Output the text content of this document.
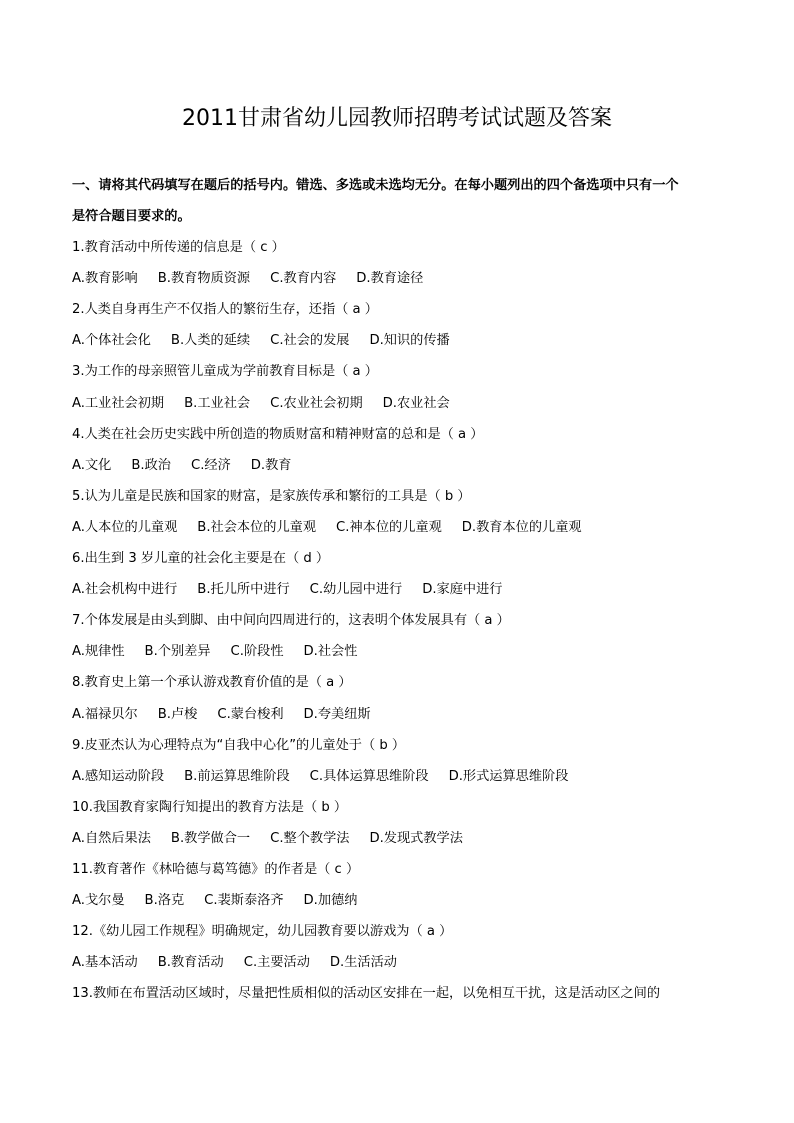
2011甘肃省幼儿园教师招聘考试试题及答案
一、请将其代码填写在题后的括号内。错选、多选或未选均无分。在每小题列出的四个备选项中只有一个
是符合题目要求的。
1.教育活动中所传递的信息是（ c ）
A.教育影响 B.教育物质资源 C.教育内容 D.教育途径
2.人类自身再生产不仅指人的繁衍生存，还指（ a ）
A.个体社会化 B.人类的延续 C.社会的发展 D.知识的传播
3.为工作的母亲照管儿童成为学前教育目标是（ a ）
A.工业社会初期 B.工业社会 C.农业社会初期 D.农业社会
4.人类在社会历史实践中所创造的物质财富和精神财富的总和是（ a ）
A.文化 B.政治 C.经济 D.教育
5.认为儿童是民族和国家的财富，是家族传承和繁衍的工具是（ b ）
A.人本位的儿童观 B.社会本位的儿童观 C.神本位的儿童观 D.教育本位的儿童观
6.出生到 3 岁儿童的社会化主要是在（ d ）
A.社会机构中进行 B.托儿所中进行 C.幼儿园中进行 D.家庭中进行
7.个体发展是由头到脚、由中间向四周进行的，这表明个体发展具有（ a ）
A.规律性 B.个别差异 C.阶段性 D.社会性
8.教育史上第一个承认游戏教育价值的是（ a ）
A.福禄贝尔 B.卢梭 C.蒙台梭利 D.夸美纽斯
9.皮亚杰认为心理特点为“自我中心化”的儿童处于（ b ）
A.感知运动阶段 B.前运算思维阶段 C.具体运算思维阶段 D.形式运算思维阶段
10.我国教育家陶行知提出的教育方法是（ b ）
A.自然后果法 B.教学做合一 C.整个教学法 D.发现式教学法
11.教育著作《林哈德与葛笃德》的作者是（ c ）
A.戈尔曼 B.洛克 C.裴斯泰洛齐 D.加德纳
12.《幼儿园工作规程》明确规定，幼儿园教育要以游戏为（ a ）
A.基本活动 B.教育活动 C.主要活动 D.生活活动
13.教师在布置活动区域时，尽量把性质相似的活动区安排在一起，以免相互干扰，这是活动区之间的
